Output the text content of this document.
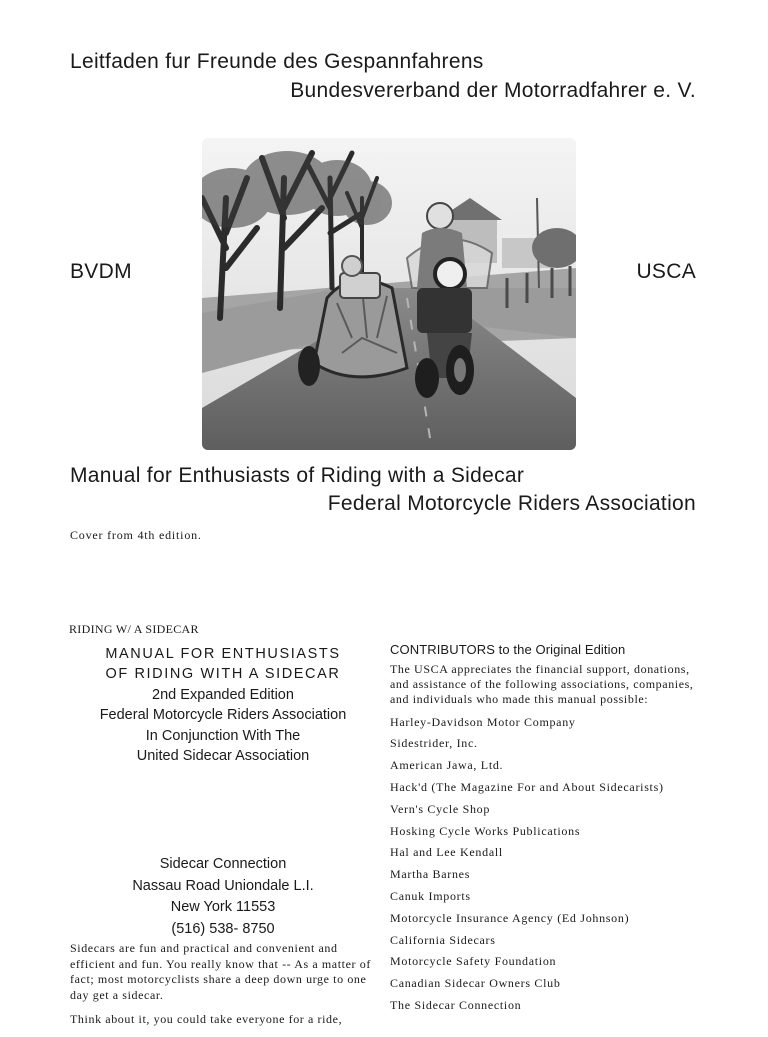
Leitfaden fur Freunde des Gespannfahrens
Bundesvererband der Motorradfahrer e. V.
BVDM	USCA
Manual for Enthusiasts of Riding with a Sidecar
Federal Motorcycle Riders Association
Cover from 4th edition.
RIDING W/ A SIDECAR
MANUAL FOR ENTHUSIASTS
OF RIDING WITH A SIDECAR
2nd Expanded Edition
Federal Motorcycle Riders Association
In Conjunction With The
United Sidecar Association
Sidecar Connection
Nassau Road Uniondale L.I.
New York 11553
(516) 538- 8750

Sidecars are fun and practical and convenient and efficient and fun. You really know that -- As a matter of fact; most motorcyclists share a deep down urge to one day get a sidecar.

Think about it, you could take everyone for a ride,

CONTRIBUTORS to the Original Edition
The USCA appreciates the financial support, donations, and assistance of the following associations, companies, and individuals who made this manual possible:
Harley-Davidson Motor Company
Sidestrider, Inc.
American Jawa, Ltd.
Hack'd (The Magazine For and About Sidecarists)
Vern's Cycle Shop
Hosking Cycle Works Publications
Hal and Lee Kendall
Martha Barnes
Canuk Imports
Motorcycle Insurance Agency (Ed Johnson)
California Sidecars
Motorcycle Safety Foundation
Canadian Sidecar Owners Club
The Sidecar Connection
